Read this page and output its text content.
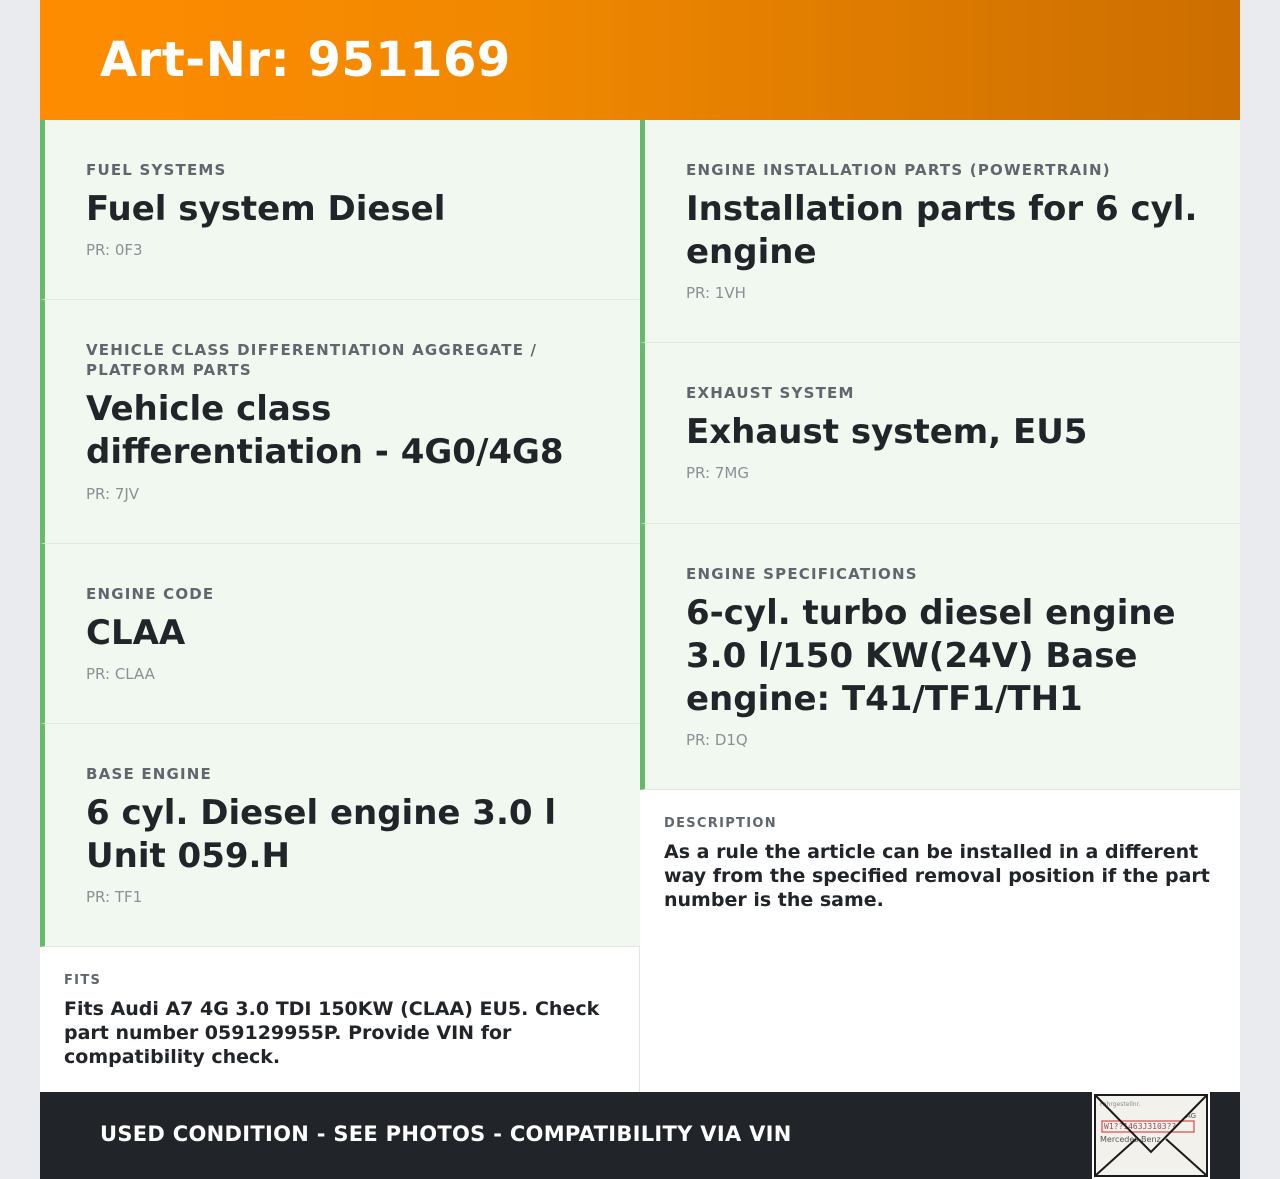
Art-Nr: 951169
FUEL SYSTEMS
Fuel system Diesel
PR: 0F3
VEHICLE CLASS DIFFERENTIATION AGGREGATE / PLATFORM PARTS
Vehicle class differentiation - 4G0/4G8
PR: 7JV
ENGINE CODE
CLAA
PR: CLAA
BASE ENGINE
6 cyl. Diesel engine 3.0 l Unit 059.H
PR: TF1
FITS
Fits Audi A7 4G 3.0 TDI 150KW (CLAA) EU5. Check part number 059129955P. Provide VIN for compatibility check.
ENGINE INSTALLATION PARTS (POWERTRAIN)
Installation parts for 6 cyl. engine
PR: 1VH
EXHAUST SYSTEM
Exhaust system, EU5
PR: 7MG
ENGINE SPECIFICATIONS
6-cyl. turbo diesel engine 3.0 l/150 KW(24V) Base engine: T41/TF1/TH1
PR: D1Q
DESCRIPTION
As a rule the article can be installed in a different way from the specified removal position if the part number is the same.
USED CONDITION - SEE PHOTOS - COMPATIBILITY VIA VIN
Fahrgestellnr.
W1??1463J3103??
Mercedes-Benz
AG
